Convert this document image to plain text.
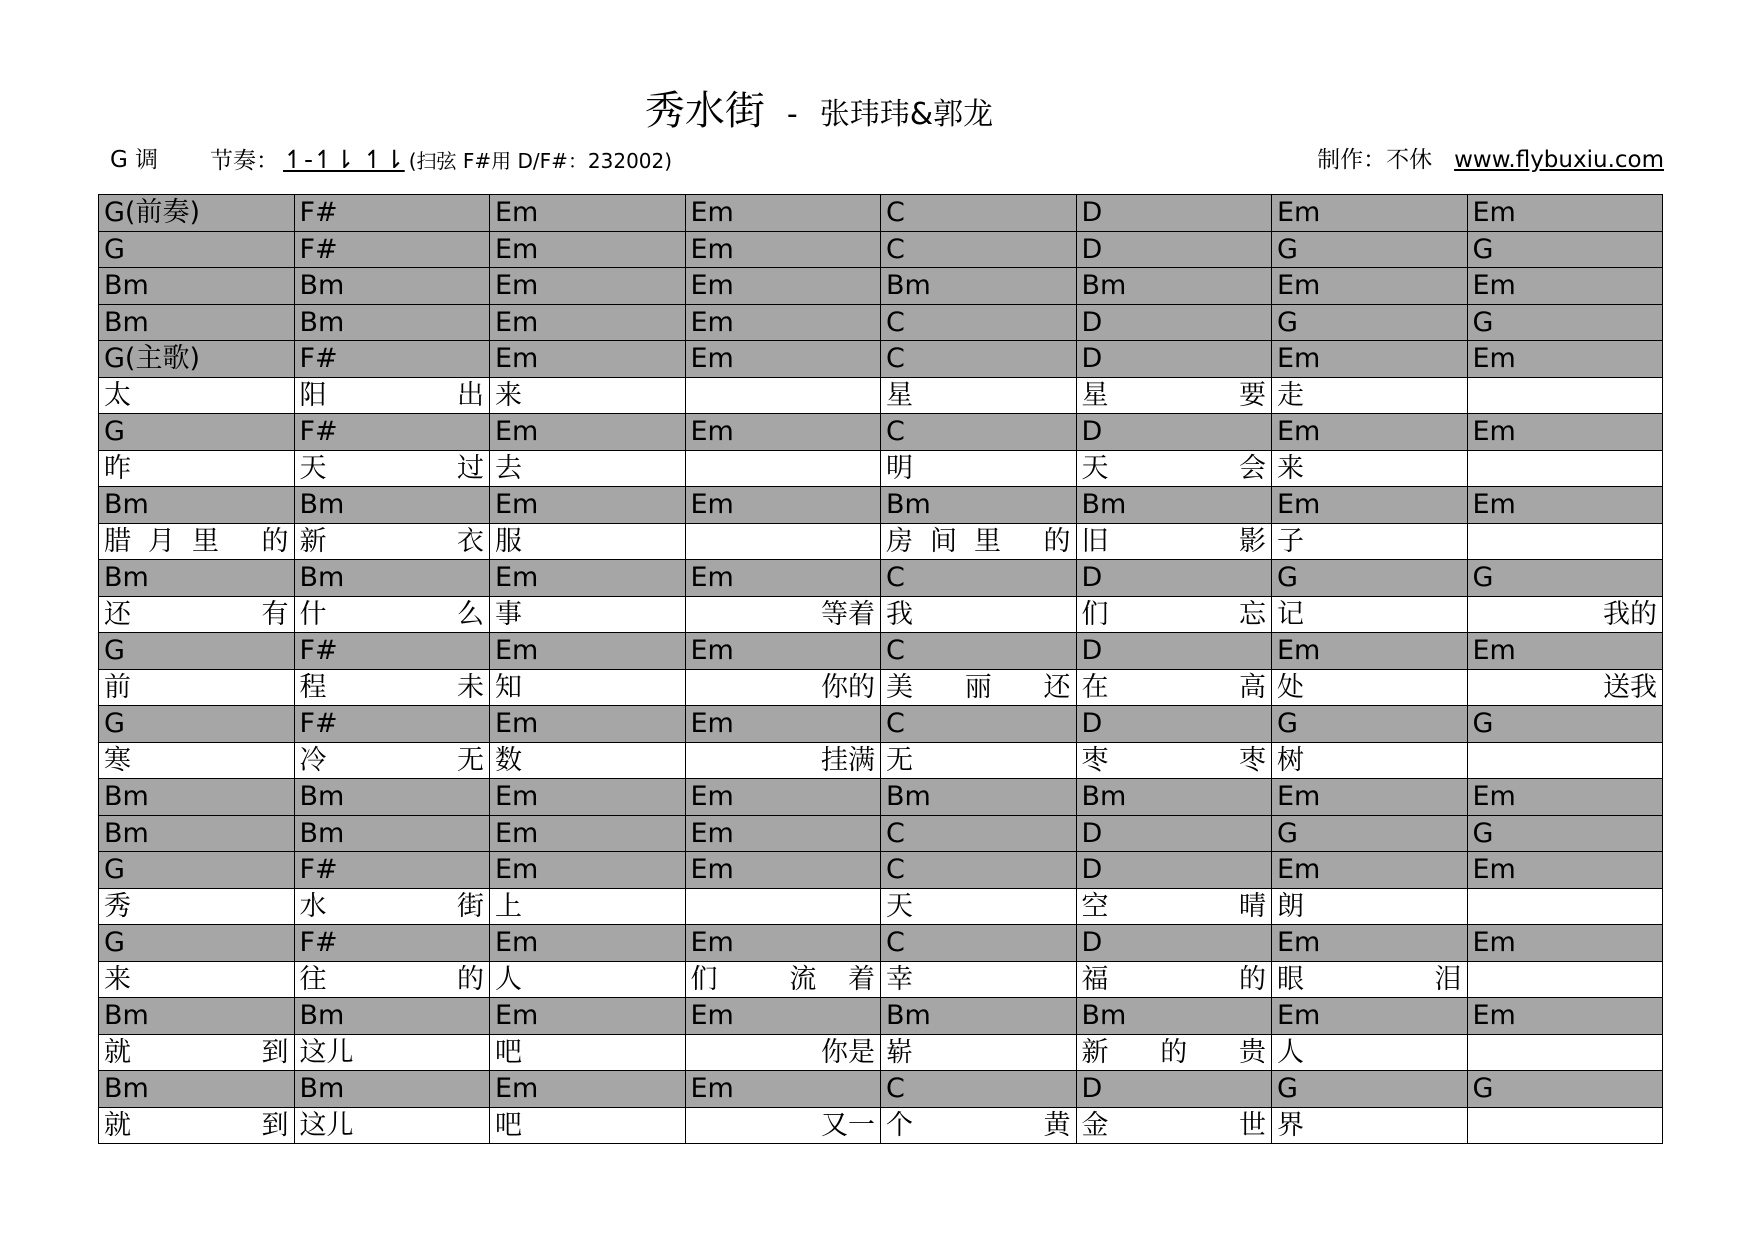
秀水街 - 张玮玮&郭龙
G 调 节奏： ↿-↿⇂ ↿⇂ (扫弦 F#用 D/F#：232002)	制作：不休 www.flybuxiu.com
G(前奏)	F#	Em	Em	C	D	Em	Em
G	F#	Em	Em	C	D	G	G
Bm	Bm	Em	Em	Bm	Bm	Em	Em
Bm	Bm	Em	Em	C	D	G	G
G(主歌)	F#	Em	Em	C	D	Em	Em
太	阳 出	来		星	星 要	走	
G	F#	Em	Em	C	D	Em	Em
昨	天 过	去		明	天 会	来	
Bm	Bm	Em	Em	Bm	Bm	Em	Em
腊月里 的	新 衣	服		房间里 的	旧 影	子	
Bm	Bm	Em	Em	C	D	G	G
还 有	什 么	事	等着	我	们 忘	记	我的
G	F#	Em	Em	C	D	Em	Em
前	程 未	知	你的	美 丽 还	在 高	处	送我
G	F#	Em	Em	C	D	G	G
寒	冷 无	数	挂满	无	枣 枣	树	
Bm	Bm	Em	Em	Bm	Bm	Em	Em
Bm	Bm	Em	Em	C	D	G	G
G	F#	Em	Em	C	D	Em	Em
秀	水 街	上		天	空 晴	朗	
G	F#	Em	Em	C	D	Em	Em
来	往 的	人	们 流着	幸	福 的	眼 泪	
Bm	Bm	Em	Em	Bm	Bm	Em	Em
就 到	这儿	吧	你是	崭	新 的 贵	人	
Bm	Bm	Em	Em	C	D	G	G
就 到	这儿	吧	又一	个 黄	金 世	界	
